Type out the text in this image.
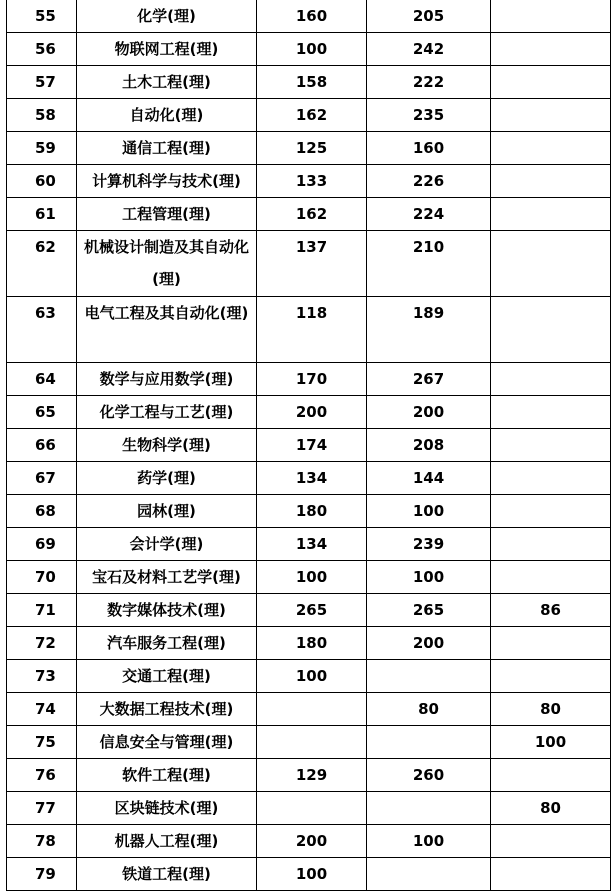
55	化学(理)	160	205	
56	物联网工程(理)	100	242	
57	土木工程(理)	158	222	
58	自动化(理)	162	235	
59	通信工程(理)	125	160	
60	计算机科学与技术(理)	133	226	
61	工程管理(理)	162	224	
62	机械设计制造及其自动化(理)	137	210	
63	电气工程及其自动化(理)	118	189	
64	数学与应用数学(理)	170	267	
65	化学工程与工艺(理)	200	200	
66	生物科学(理)	174	208	
67	药学(理)	134	144	
68	园林(理)	180	100	
69	会计学(理)	134	239	
70	宝石及材料工艺学(理)	100	100	
71	数字媒体技术(理)	265	265	86
72	汽车服务工程(理)	180	200	
73	交通工程(理)	100		
74	大数据工程技术(理)		80	80
75	信息安全与管理(理)			100
76	软件工程(理)	129	260	
77	区块链技术(理)			80
78	机器人工程(理)	200	100	
79	铁道工程(理)	100		
